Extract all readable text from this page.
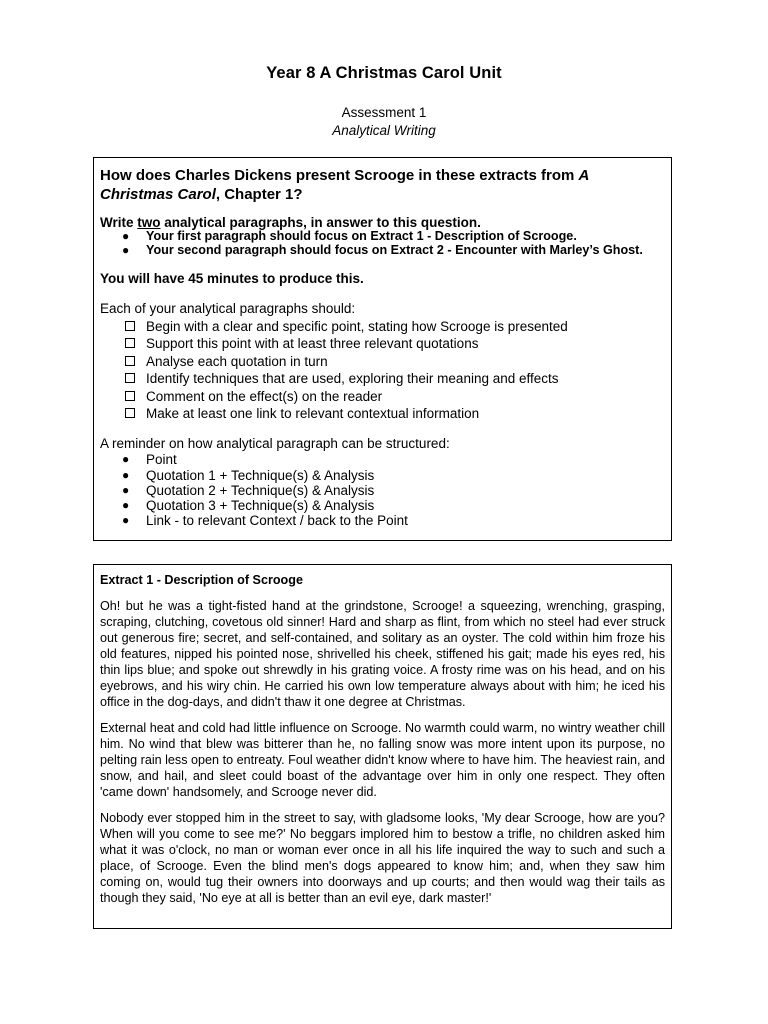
Year 8 A Christmas Carol Unit
Assessment 1
Analytical Writing

How does Charles Dickens present Scrooge in these extracts from A Christmas Carol, Chapter 1?

Write two analytical paragraphs, in answer to this question.

● Your first paragraph should focus on Extract 1 - Description of Scrooge.
● Your second paragraph should focus on Extract 2 - Encounter with Marley’s Ghost.

You will have 45 minutes to produce this.

Each of your analytical paragraphs should:

Begin with a clear and specific point, stating how Scrooge is presented
Support this point with at least three relevant quotations
Analyse each quotation in turn
Identify techniques that are used, exploring their meaning and effects
Comment on the effect(s) on the reader
Make at least one link to relevant contextual information

A reminder on how analytical paragraph can be structured:

● Point
● Quotation 1 + Technique(s) & Analysis
● Quotation 2 + Technique(s) & Analysis
● Quotation 3 + Technique(s) & Analysis
● Link - to relevant Context / back to the Point

Extract 1 - Description of Scrooge

Oh! but he was a tight-fisted hand at the grindstone, Scrooge! a squeezing, wrenching, grasping, scraping, clutching, covetous old sinner! Hard and sharp as flint, from which no steel had ever struck out generous fire; secret, and self-contained, and solitary as an oyster. The cold within him froze his old features, nipped his pointed nose, shrivelled his cheek, stiffened his gait; made his eyes red, his thin lips blue; and spoke out shrewdly in his grating voice. A frosty rime was on his head, and on his eyebrows, and his wiry chin. He carried his own low temperature always about with him; he iced his office in the dog-days, and didn't thaw it one degree at Christmas.

External heat and cold had little influence on Scrooge. No warmth could warm, no wintry weather chill him. No wind that blew was bitterer than he, no falling snow was more intent upon its purpose, no pelting rain less open to entreaty. Foul weather didn't know where to have him. The heaviest rain, and snow, and hail, and sleet could boast of the advantage over him in only one respect. They often 'came down' handsomely, and Scrooge never did.

Nobody ever stopped him in the street to say, with gladsome looks, 'My dear Scrooge, how are you? When will you come to see me?' No beggars implored him to bestow a trifle, no children asked him what it was o'clock, no man or woman ever once in all his life inquired the way to such and such a place, of Scrooge. Even the blind men's dogs appeared to know him; and, when they saw him coming on, would tug their owners into doorways and up courts; and then would wag their tails as though they said, 'No eye at all is better than an evil eye, dark master!'
